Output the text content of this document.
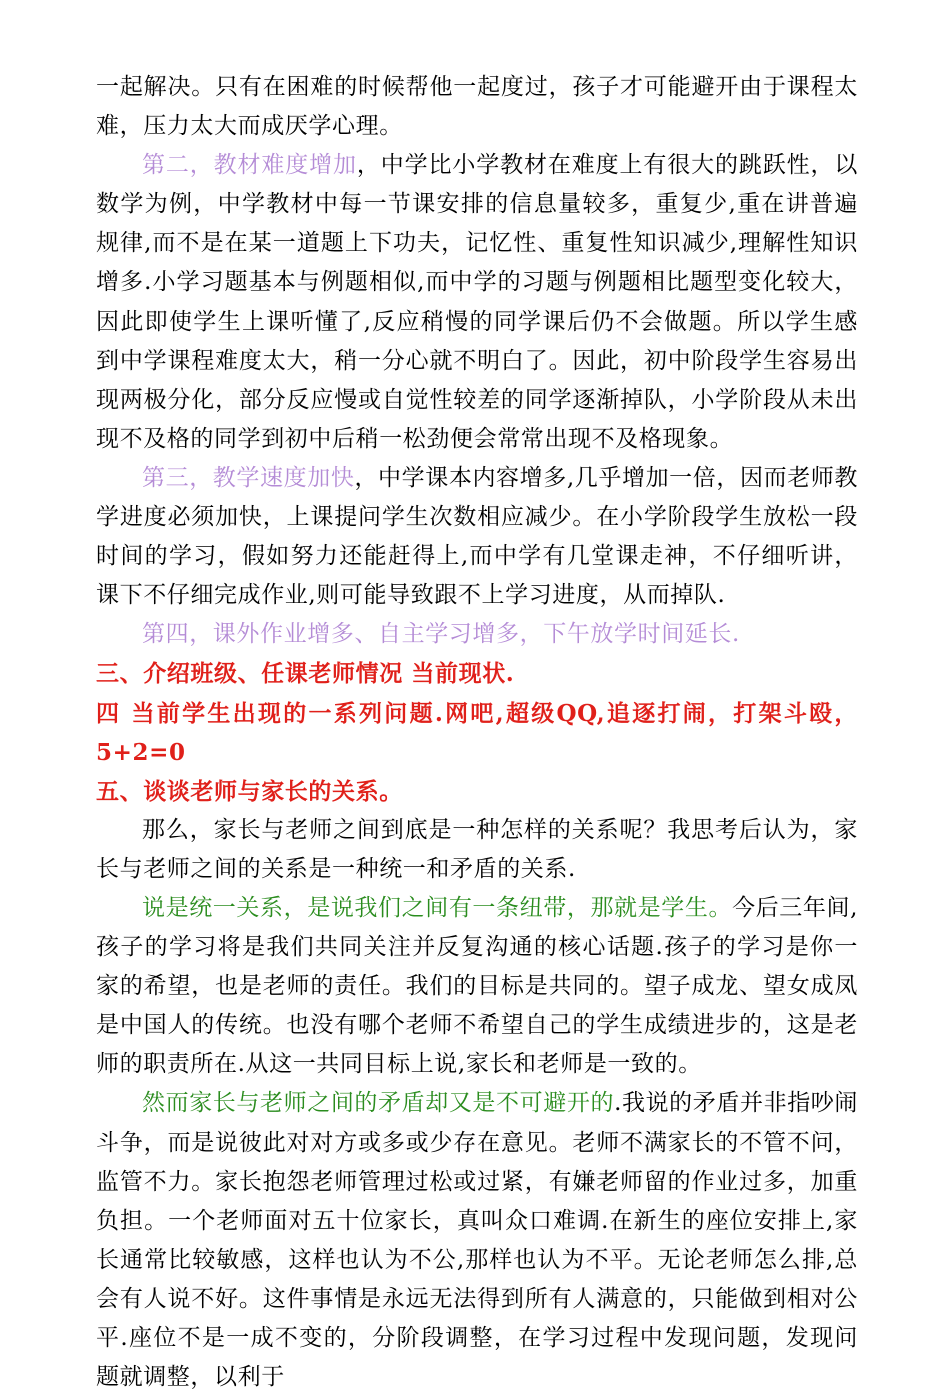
一起解决。只有在困难的时候帮他一起度过，孩子才可能避开由于课程太难，压力太大而成厌学心理。

第二，教材难度增加，中学比小学教材在难度上有很大的跳跃性，以数学为例，中学教材中每一节课安排的信息量较多，重复少,重在讲普遍规律,而不是在某一道题上下功夫，记忆性、重复性知识减少,理解性知识增多.小学习题基本与例题相似,而中学的习题与例题相比题型变化较大，因此即使学生上课听懂了,反应稍慢的同学课后仍不会做题。所以学生感到中学课程难度太大，稍一分心就不明白了。因此，初中阶段学生容易出现两极分化，部分反应慢或自觉性较差的同学逐渐掉队，小学阶段从未出现不及格的同学到初中后稍一松劲便会常常出现不及格现象。

第三，教学速度加快，中学课本内容增多,几乎增加一倍，因而老师教学进度必须加快，上课提问学生次数相应减少。在小学阶段学生放松一段时间的学习，假如努力还能赶得上,而中学有几堂课走神，不仔细听讲，课下不仔细完成作业,则可能导致跟不上学习进度，从而掉队.

第四，课外作业增多、自主学习增多，下午放学时间延长.

三、介绍班级、任课老师情况 当前现状.

四 当前学生出现的一系列问题.网吧,超级QQ,追逐打闹，打架斗殴，5+2=0

五、谈谈老师与家长的关系。

那么，家长与老师之间到底是一种怎样的关系呢？我思考后认为，家长与老师之间的关系是一种统一和矛盾的关系.

说是统一关系，是说我们之间有一条纽带，那就是学生。今后三年间,孩子的学习将是我们共同关注并反复沟通的核心话题.孩子的学习是你一家的希望，也是老师的责任。我们的目标是共同的。望子成龙、望女成凤是中国人的传统。也没有哪个老师不希望自己的学生成绩进步的，这是老师的职责所在.从这一共同目标上说,家长和老师是一致的。

然而家长与老师之间的矛盾却又是不可避开的.我说的矛盾并非指吵闹斗争，而是说彼此对对方或多或少存在意见。老师不满家长的不管不问，监管不力。家长抱怨老师管理过松或过紧，有嫌老师留的作业过多，加重负担。一个老师面对五十位家长，真叫众口难调.在新生的座位安排上,家长通常比较敏感，这样也认为不公,那样也认为不平。无论老师怎么排,总会有人说不好。这件事情是永远无法得到所有人满意的，只能做到相对公平.座位不是一成不变的，分阶段调整，在学习过程中发现问题，发现问题就调整，以利于
